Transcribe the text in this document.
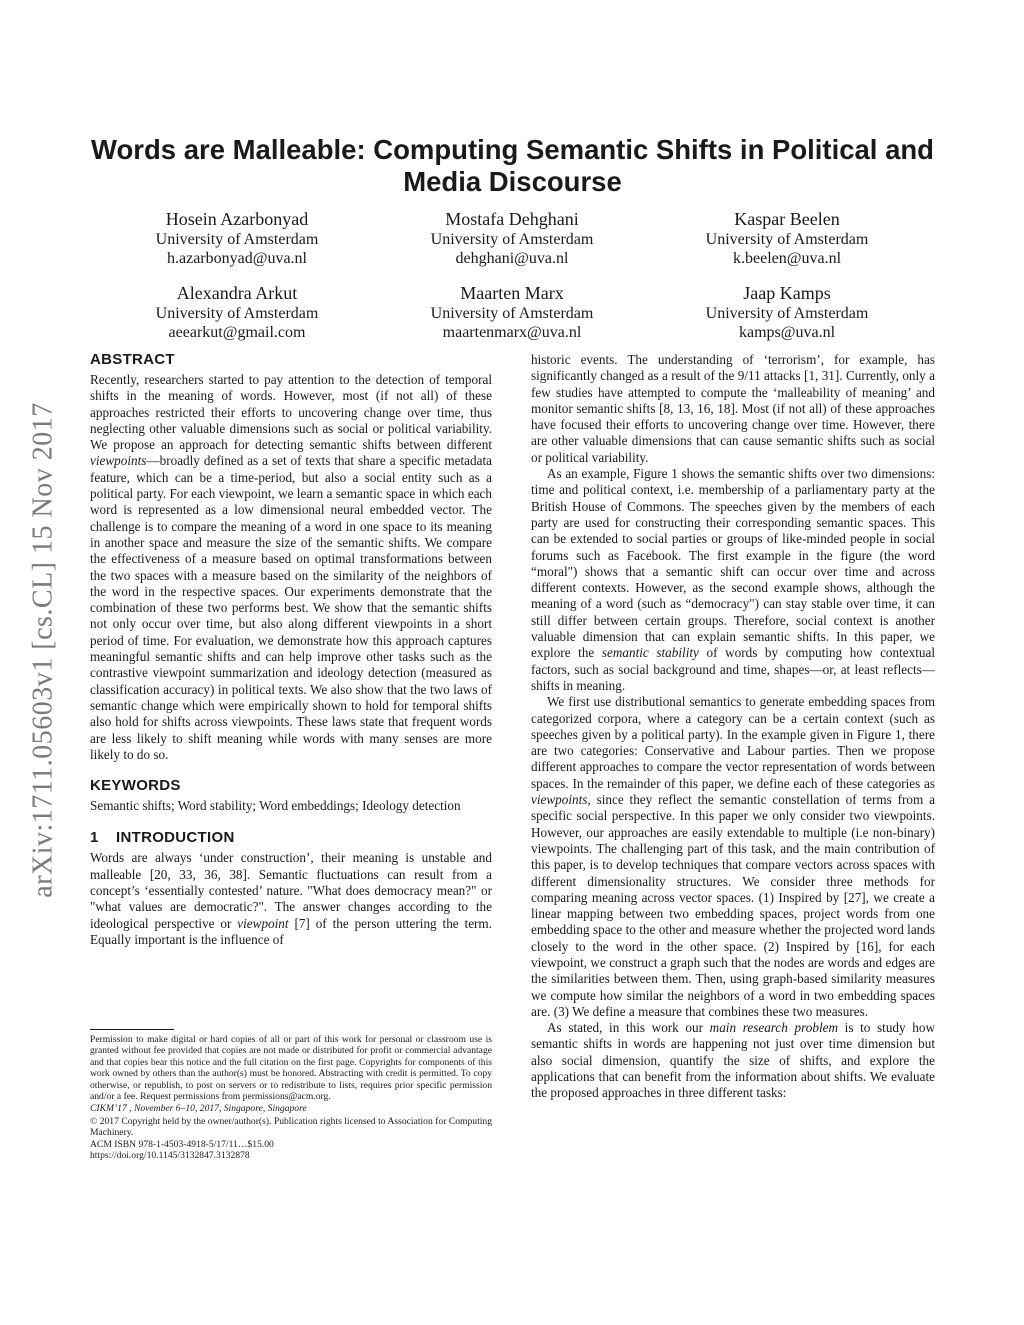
arXiv:1711.05603v1 [cs.CL] 15 Nov 2017
Words are Malleable: Computing Semantic Shifts in Political and Media Discourse
Hosein Azarbonyad
University of Amsterdam
h.azarbonyad@uva.nl
Mostafa Dehghani
University of Amsterdam
dehghani@uva.nl
Kaspar Beelen
University of Amsterdam
k.beelen@uva.nl
Alexandra Arkut
University of Amsterdam
aeearkut@gmail.com
Maarten Marx
University of Amsterdam
maartenmarx@uva.nl
Jaap Kamps
University of Amsterdam
kamps@uva.nl
ABSTRACT

Recently, researchers started to pay attention to the detection of temporal shifts in the meaning of words. However, most (if not all) of these approaches restricted their efforts to uncovering change over time, thus neglecting other valuable dimensions such as social or political variability. We propose an approach for detecting semantic shifts between different viewpoints—broadly defined as a set of texts that share a specific metadata feature, which can be a time-period, but also a social entity such as a political party. For each viewpoint, we learn a semantic space in which each word is represented as a low dimensional neural embedded vector. The challenge is to compare the meaning of a word in one space to its meaning in another space and measure the size of the semantic shifts. We compare the effectiveness of a measure based on optimal transformations between the two spaces with a measure based on the similarity of the neighbors of the word in the respective spaces. Our experiments demonstrate that the combination of these two performs best. We show that the semantic shifts not only occur over time, but also along different viewpoints in a short period of time. For evaluation, we demonstrate how this approach captures meaningful semantic shifts and can help improve other tasks such as the contrastive viewpoint summarization and ideology detection (measured as classification accuracy) in political texts. We also show that the two laws of semantic change which were empirically shown to hold for temporal shifts also hold for shifts across viewpoints. These laws state that frequent words are less likely to shift meaning while words with many senses are more likely to do so.

KEYWORDS

Semantic shifts; Word stability; Word embeddings; Ideology detection

1 INTRODUCTION

Words are always ‘under construction’, their meaning is unstable and malleable [20, 33, 36, 38]. Semantic fluctuations can result from a concept’s ‘essentially contested’ nature. "What does democracy mean?" or "what values are democratic?". The answer changes according to the ideological perspective or viewpoint [7] of the person uttering the term. Equally important is the influence of

Permission to make digital or hard copies of all or part of this work for personal or classroom use is granted without fee provided that copies are not made or distributed for profit or commercial advantage and that copies bear this notice and the full citation on the first page. Copyrights for components of this work owned by others than the author(s) must be honored. Abstracting with credit is permitted. To copy otherwise, or republish, to post on servers or to redistribute to lists, requires prior specific permission and/or a fee. Request permissions from permissions@acm.org.

CIKM’17 , November 6–10, 2017, Singapore, Singapore

© 2017 Copyright held by the owner/author(s). Publication rights licensed to Association for Computing Machinery.

ACM ISBN 978-1-4503-4918-5/17/11…$15.00

https://doi.org/10.1145/3132847.3132878

historic events. The understanding of ‘terrorism’, for example, has significantly changed as a result of the 9/11 attacks [1, 31]. Currently, only a few studies have attempted to compute the ‘malleability of meaning’ and monitor semantic shifts [8, 13, 16, 18]. Most (if not all) of these approaches have focused their efforts to uncovering change over time. However, there are other valuable dimensions that can cause semantic shifts such as social or political variability.

As an example, Figure 1 shows the semantic shifts over two dimensions: time and political context, i.e. membership of a parliamentary party at the British House of Commons. The speeches given by the members of each party are used for constructing their corresponding semantic spaces. This can be extended to social parties or groups of like-minded people in social forums such as Facebook. The first example in the figure (the word “moral") shows that a semantic shift can occur over time and across different contexts. However, as the second example shows, although the meaning of a word (such as “democracy") can stay stable over time, it can still differ between certain groups. Therefore, social context is another valuable dimension that can explain semantic shifts. In this paper, we explore the semantic stability of words by computing how contextual factors, such as social background and time, shapes—or, at least reflects—shifts in meaning.

We first use distributional semantics to generate embedding spaces from categorized corpora, where a category can be a certain context (such as speeches given by a political party). In the example given in Figure 1, there are two categories: Conservative and Labour parties. Then we propose different approaches to compare the vector representation of words between spaces. In the remainder of this paper, we define each of these categories as viewpoints, since they reflect the semantic constellation of terms from a specific social perspective. In this paper we only consider two viewpoints. However, our approaches are easily extendable to multiple (i.e non-binary) viewpoints. The challenging part of this task, and the main contribution of this paper, is to develop techniques that compare vectors across spaces with different dimensionality structures. We consider three methods for comparing meaning across vector spaces. (1) Inspired by [27], we create a linear mapping between two embedding spaces, project words from one embedding space to the other and measure whether the projected word lands closely to the word in the other space. (2) Inspired by [16], for each viewpoint, we construct a graph such that the nodes are words and edges are the similarities between them. Then, using graph-based similarity measures we compute how similar the neighbors of a word in two embedding spaces are. (3) We define a measure that combines these two measures.

As stated, in this work our main research problem is to study how semantic shifts in words are happening not just over time dimension but also social dimension, quantify the size of shifts, and explore the applications that can benefit from the information about shifts. We evaluate the proposed approaches in three different tasks:
